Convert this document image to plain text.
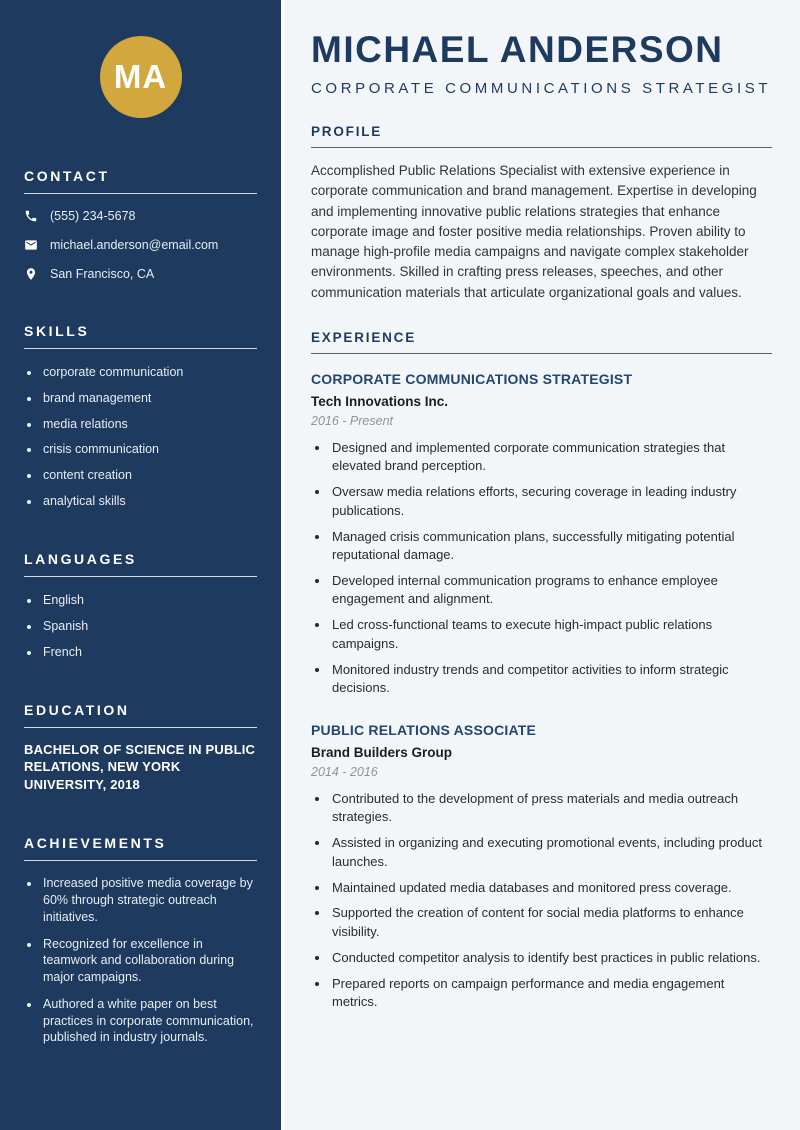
MA
CONTACT
(555) 234-5678
michael.anderson@email.com
San Francisco, CA
SKILLS
• corporate communication
• brand management
• media relations
• crisis communication
• content creation
• analytical skills
LANGUAGES
• English
• Spanish
• French
EDUCATION

BACHELOR OF SCIENCE IN PUBLIC RELATIONS, NEW YORK UNIVERSITY, 2018

ACHIEVEMENTS
• Increased positive media coverage by 60% through strategic outreach initiatives.
• Recognized for excellence in teamwork and collaboration during major campaigns.
• Authored a white paper on best practices in corporate communication, published in industry journals.
MICHAEL ANDERSON
CORPORATE COMMUNICATIONS STRATEGIST
PROFILE

Accomplished Public Relations Specialist with extensive experience in corporate communication and brand management. Expertise in developing and implementing innovative public relations strategies that enhance corporate image and foster positive media relationships. Proven ability to manage high-profile media campaigns and navigate complex stakeholder environments. Skilled in crafting press releases, speeches, and other communication materials that articulate organizational goals and values.

EXPERIENCE
CORPORATE COMMUNICATIONS STRATEGIST
Tech Innovations Inc.
2016 - Present
• Designed and implemented corporate communication strategies that elevated brand perception.
• Oversaw media relations efforts, securing coverage in leading industry publications.
• Managed crisis communication plans, successfully mitigating potential reputational damage.
• Developed internal communication programs to enhance employee engagement and alignment.
• Led cross-functional teams to execute high-impact public relations campaigns.
• Monitored industry trends and competitor activities to inform strategic decisions.
PUBLIC RELATIONS ASSOCIATE
Brand Builders Group
2014 - 2016
• Contributed to the development of press materials and media outreach strategies.
• Assisted in organizing and executing promotional events, including product launches.
• Maintained updated media databases and monitored press coverage.
• Supported the creation of content for social media platforms to enhance visibility.
• Conducted competitor analysis to identify best practices in public relations.
• Prepared reports on campaign performance and media engagement metrics.
